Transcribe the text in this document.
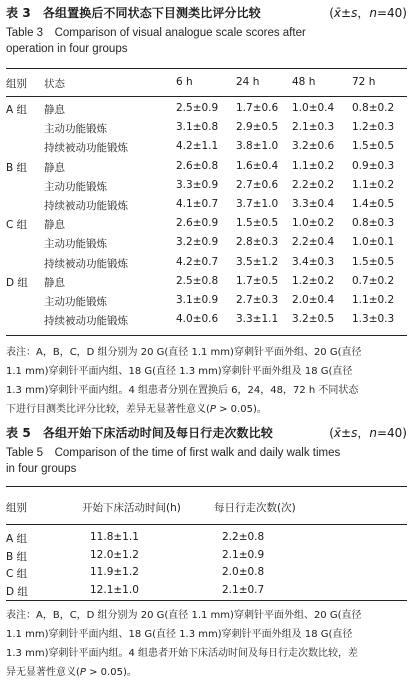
表 3　各组置换后不同状态下目测类比评分比较	(x̄±s，n=40)
Table 3　Comparison of visual analogue scale scores after
operation in four groups
组别 状态	6 h	24 h	48 h	72 h
A 组 静息	2.5±0.9 1.7±0.6 1.0±0.4 0.8±0.2
主动功能锻炼	3.1±0.8 2.9±0.5 2.1±0.3 1.2±0.3
持续被动功能锻炼	4.2±1.1 3.8±1.0 3.2±0.6 1.5±0.5
B 组 静息	2.6±0.8 1.6±0.4 1.1±0.2 0.9±0.3
主动功能锻炼	3.3±0.9 2.7±0.6 2.2±0.2 1.1±0.2
持续被动功能锻炼	4.1±0.7 3.7±1.0 3.3±0.4 1.4±0.5
C 组 静息	2.6±0.9 1.5±0.5 1.0±0.2 0.8±0.3
主动功能锻炼	3.2±0.9 2.8±0.3 2.2±0.4 1.0±0.1
持续被动功能锻炼	4.2±0.7 3.5±1.2 3.4±0.3 1.5±0.5
D 组 静息	2.5±0.8 1.7±0.5 1.2±0.2 0.7±0.2
主动功能锻炼	3.1±0.9 2.7±0.3 2.0±0.4 1.1±0.2
持续被动功能锻炼	4.0±0.6 3.3±1.1 3.2±0.5 1.3±0.3
表注：A，B，C，D 组分别为 20 G(直径 1.1 mm)穿刺针平面外组、20 G(直径
1.1 mm)穿刺针平面内组、18 G(直径 1.3 mm)穿刺针平面外组及 18 G(直径
1.3 mm)穿刺针平面内组。4 组患者分别在置换后 6，24，48，72 h 不同状态
下进行目测类比评分比较，差异无显著性意义(P > 0.05)。
表 5　各组开始下床活动时间及每日行走次数比较	(x̄±s，n=40)
Table 5　Comparison of the time of first walk and daily walk times
in four groups
组别	开始下床活动时间(h)	每日行走次数(次)
A 组	11.8±1.1	2.2±0.8
B 组	12.0±1.2	2.1±0.9
C 组	11.9±1.2	2.0±0.8
D 组	12.1±1.0	2.1±0.7
表注：A，B，C，D 组分别为 20 G(直径 1.1 mm)穿刺针平面外组、20 G(直径
1.1 mm)穿刺针平面内组、18 G(直径 1.3 mm)穿刺针平面外组及 18 G(直径
1.3 mm)穿刺针平面内组。4 组患者开始下床活动时间及每日行走次数比较，差
异无显著性意义(P > 0.05)。
